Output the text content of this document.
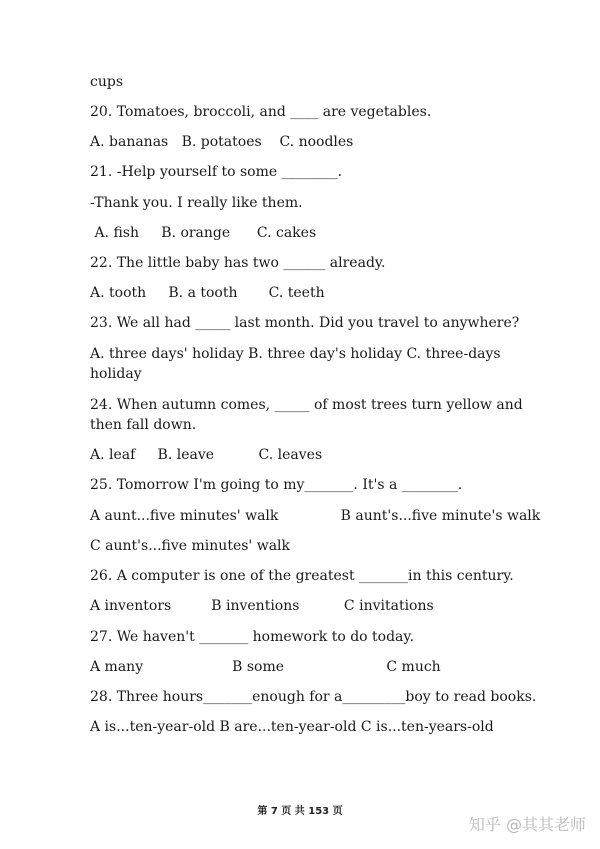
cups
20. Tomatoes, broccoli, and ____ are vegetables.
A. bananas   B. potatoes    C. noodles
21. -Help yourself to some ________.
-Thank you. I really like them.
A. fish     B. orange      C. cakes
22. The little baby has two ______ already.
A. tooth     B. a tooth       C. teeth
23. We all had _____ last month. Did you travel to anywhere?
A. three days' holiday B. three day's holiday C. three-days holiday
24. When autumn comes, _____ of most trees turn yellow and then fall down.
A. leaf     B. leave          C. leaves
25. Tomorrow I'm going to my_______. It's a ________.
A aunt...five minutes' walk              B aunt's...five minute's walk
C aunt's...five minutes' walk
26. A computer is one of the greatest _______in this century.
A inventors         B inventions          C invitations
27. We haven't _______ homework to do today.
A many                    B some                       C much
28. Three hours_______enough for a_________boy to read books.
A is...ten-year-old B are...ten-year-old C is...ten-years-old
第 7 页 共 153 页
知乎 @其其老师
